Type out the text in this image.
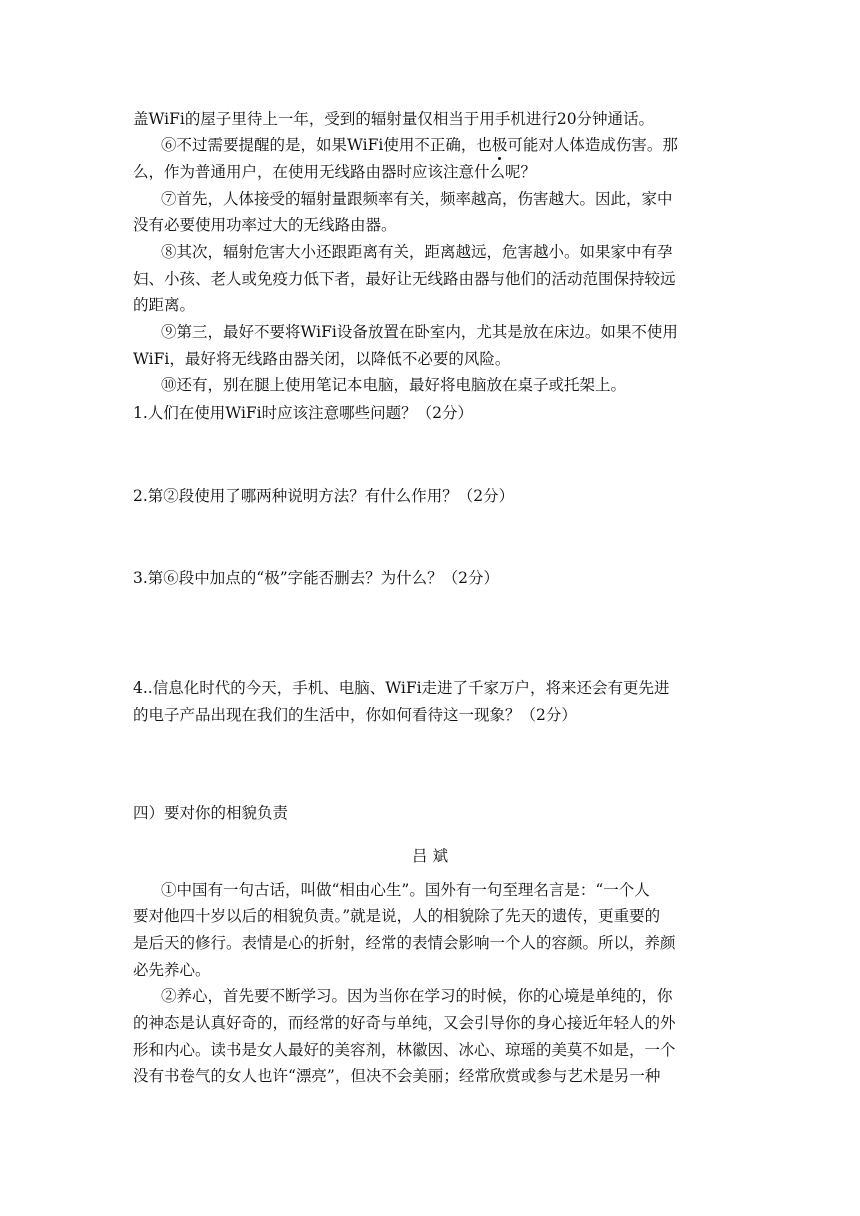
盖WiFi的屋子里待上一年，受到的辐射量仅相当于用手机进行20分钟通话。
⑥不过需要提醒的是，如果WiFi使用不正确，也极
可能对人体造成伤害。那
么，作为普通用户，在使用无线路由器时应该注意什么呢？
⑦首先，人体接受的辐射量跟频率有关，频率越高，伤害越大。因此，家中
没有必要使用功率过大的无线路由器。
⑧其次，辐射危害大小还跟距离有关，距离越远，危害越小。如果家中有孕
妇、小孩、老人或免疫力低下者，最好让无线路由器与他们的活动范围保持较远
的距离。
⑨第三，最好不要将WiFi设备放置在卧室内，尤其是放在床边。如果不使用
WiFi，最好将无线路由器关闭，以降低不必要的风险。
⑩还有，别在腿上使用笔记本电脑，最好将电脑放在桌子或托架上。
1.人们在使用WiFi时应该注意哪些问题？（2分）
2.第②段使用了哪两种说明方法？有什么作用？（2分）
3.第⑥段中加点的“极”字能否删去？为什么？（2分）
4..信息化时代的今天，手机、电脑、WiFi走进了千家万户，将来还会有更先进
的电子产品出现在我们的生活中，你如何看待这一现象？（2分）
四）要对你的相貌负责
吕 斌
①中国有一句古话，叫做“相由心生”。国外有一句至理名言是：“一个人
要对他四十岁以后的相貌负责。”就是说，人的相貌除了先天的遗传，更重要的
是后天的修行。表情是心的折射，经常的表情会影响一个人的容颜。所以，养颜
必先养心。
②养心，首先要不断学习。因为当你在学习的时候，你的心境是单纯的，你
的神态是认真好奇的，而经常的好奇与单纯，又会引导你的身心接近年轻人的外
形和内心。读书是女人最好的美容剂，林徽因、冰心、琼瑶的美莫不如是，一个
没有书卷气的女人也许“漂亮”，但决不会美丽；经常欣赏或参与艺术是另一种
